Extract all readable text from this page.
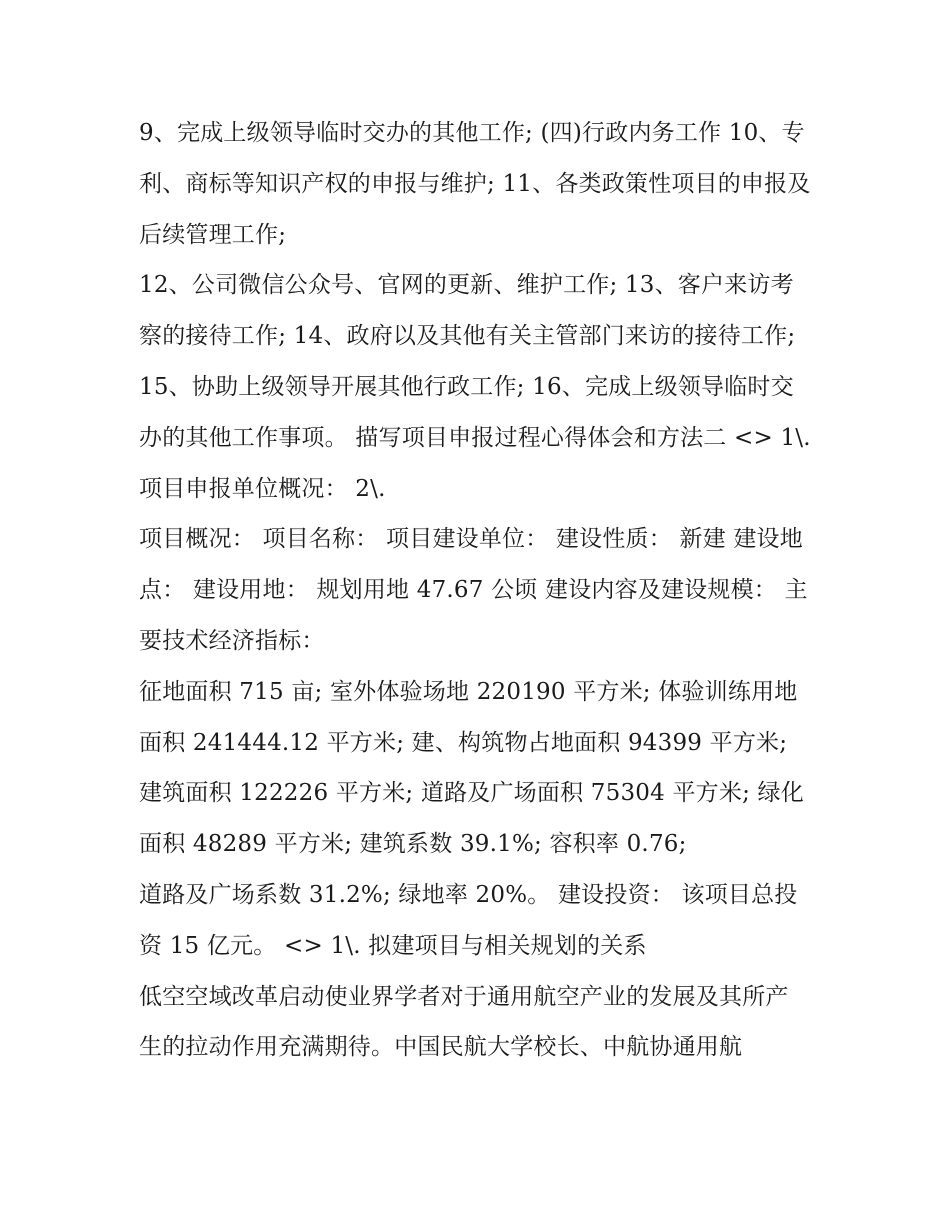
9、完成上级领导临时交办的其他工作; (四)行政内务工作 10、专利、商标等知识产权的申报与维护; 11、各类政策性项目的申报及后续管理工作;

12、公司微信公众号、官网的更新、维护工作; 13、客户来访考察的接待工作; 14、政府以及其他有关主管部门来访的接待工作;

15、协助上级领导开展其他行政工作; 16、完成上级领导临时交办的其他工作事项。 描写项目申报过程心得体会和方法二 <> 1\. 项目申报单位概况： 2\.

项目概况： 项目名称： 项目建设单位： 建设性质： 新建 建设地点： 建设用地： 规划用地 47.67 公顷 建设内容及建设规模： 主要技术经济指标：

征地面积 715 亩; 室外体验场地 220190 平方米; 体验训练用地面积 241444.12 平方米; 建、构筑物占地面积 94399 平方米;

建筑面积 122226 平方米; 道路及广场面积 75304 平方米; 绿化面积 48289 平方米; 建筑系数 39.1%; 容积率 0.76;

道路及广场系数 31.2%; 绿地率 20%。 建设投资： 该项目总投资 15 亿元。 <> 1\. 拟建项目与相关规划的关系

低空空域改革启动使业界学者对于通用航空产业的发展及其所产生的拉动作用充满期待。中国民航大学校长、中航协通用航
